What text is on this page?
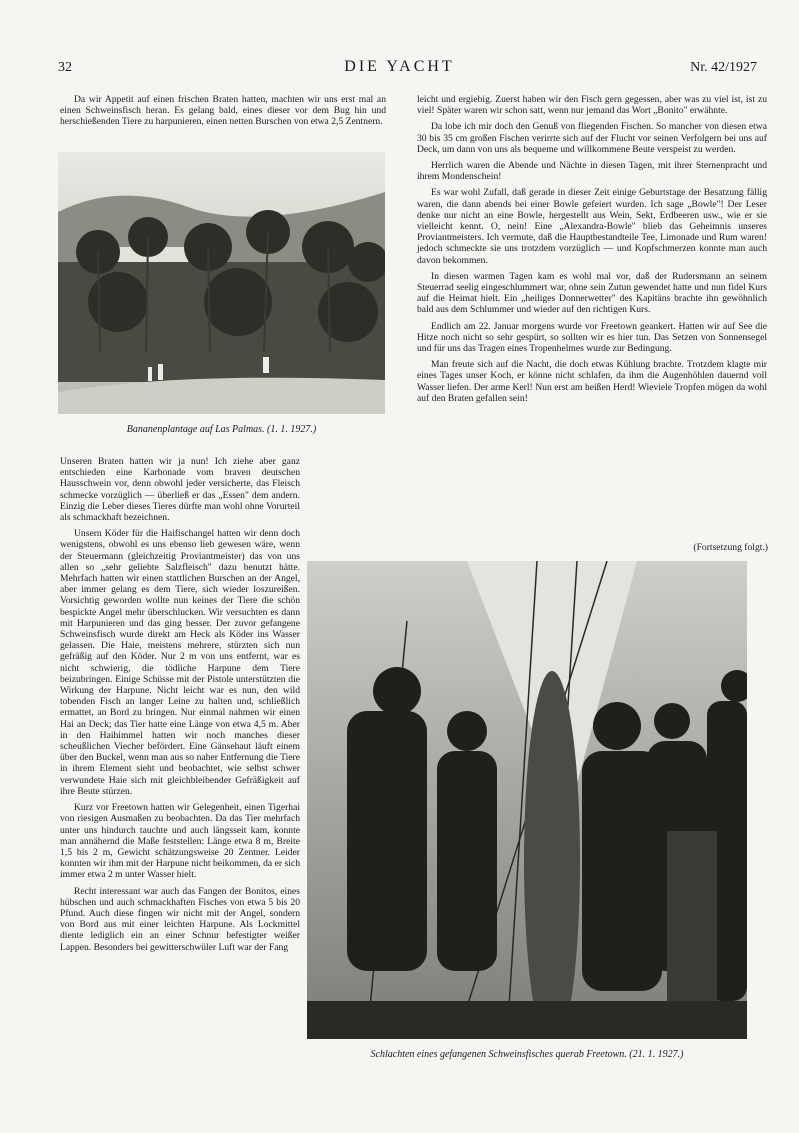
32	DIE YACHT	Nr. 42/1927

Da wir Appetit auf einen frischen Braten hatten, machten wir uns erst mal an einen Schweinsfisch heran. Es gelang bald, eines dieser vor dem Bug hin und herschießenden Tiere zu harpunieren, einen netten Burschen von etwa 2,5 Zentnern.

Bananenplantage auf Las Palmas. (1. 1. 1927.)

Unseren Braten hatten wir ja nun! Ich ziehe aber ganz entschieden eine Karbonade vom braven deutschen Hausschwein vor, denn obwohl jeder versicherte, das Fleisch schmecke vorzüglich — überließ er das „Essen" dem andern. Einzig die Leber dieses Tieres dürfte man wohl ohne Vorurteil als schmackhaft bezeichnen.

Unsern Köder für die Haifischangel hatten wir denn doch wenigstens, obwohl es uns ebenso lieb gewesen wäre, wenn der Steuermann (gleichzeitig Proviantmeister) das von uns allen so „sehr geliebte Salzfleisch" dazu benutzt hätte. Mehrfach hatten wir einen stattlichen Burschen an der Angel, aber immer gelang es dem Tiere, sich wieder loszureißen. Vorsichtig geworden wollte nun keines der Tiere die schön bespickte Angel mehr überschlucken. Wir versuchten es dann mit Harpunieren und das ging besser. Der zuvor gefangene Schweinsfisch wurde direkt am Heck als Köder ins Wasser gelassen. Die Haie, meistens mehrere, stürzten sich nun gefräßig auf den Köder. Nur 2 m von uns entfernt, war es nicht schwierig, die tödliche Harpune dem Tiere beizubringen. Einige Schüsse mit der Pistole unterstützten die Wirkung der Harpune. Nicht leicht war es nun, den wild tobenden Fisch an langer Leine zu halten und, schließlich ermattet, an Bord zu bringen. Nur einmal nahmen wir einen Hai an Deck; das Tier hatte eine Länge von etwa 4,5 m. Aber in den Haihimmel hatten wir noch manches dieser scheußlichen Viecher befördert. Eine Gänsehaut läuft einem über den Buckel, wenn man aus so naher Entfernung die Tiere in ihrem Element sieht und beobachtet, wie selbst schwer verwundete Haie sich mit gleichbleibender Gefräßigkeit auf ihre Beute stürzen.

Kurz vor Freetown hatten wir Gelegenheit, einen Tigerhai von riesigen Ausmaßen zu beobachten. Da das Tier mehrfach unter uns hindurch tauchte und auch längsseit kam, konnte man annähernd die Maße feststellen: Länge etwa 8 m, Breite 1,5 bis 2 m, Gewicht schätzungsweise 20 Zentner. Leider konnten wir ihm mit der Harpune nicht beikommen, da er sich immer etwa 2 m unter Wasser hielt.

Recht interessant war auch das Fangen der Bonitos, eines hübschen und auch schmackhaften Fisches von etwa 5 bis 20 Pfund. Auch diese fingen wir nicht mit der Angel, sondern von Bord aus mit einer leichten Harpune. Als Lockmittel diente lediglich ein an einer Schnur befestigter weißer Lappen. Besonders bei gewitterschwüler Luft war der Fang

leicht und ergiebig. Zuerst haben wir den Fisch gern gegessen, aber was zu viel ist, ist zu viel! Später waren wir schon satt, wenn nur jemand das Wort „Bonito" erwähnte.

Da lobe ich mir doch den Genuß von fliegenden Fischen. So mancher von diesen etwa 30 bis 35 cm großen Fischen verirrte sich auf der Flucht vor seinen Verfolgern bei uns auf Deck, um dann von uns als bequeme und willkommene Beute verspeist zu werden.

Herrlich waren die Abende und Nächte in diesen Tagen, mit ihrer Sternenpracht und ihrem Mondenschein!

Es war wohl Zufall, daß gerade in dieser Zeit einige Geburtstage der Besatzung fällig waren, die dann abends bei einer Bowle gefeiert wurden. Ich sage „Bowle"! Der Leser denke nur nicht an eine Bowle, hergestellt aus Wein, Sekt, Erdbeeren usw., wie er sie vielleicht kennt. O, nein! Eine „Alexandra-Bowle" blieb das Geheimnis unseres Proviantmeisters. Ich vermute, daß die Hauptbestandteile Tee, Limonade und Rum waren! jedoch schmeckte sie uns trotzdem vorzüglich — und Kopfschmerzen konnte man auch davon bekommen.

In diesen warmen Tagen kam es wohl mal vor, daß der Rudersmann an seinem Steuerrad seelig eingeschlummert war, ohne sein Zutun gewendet hatte und nun fidel Kurs auf die Heimat hielt. Ein „heiliges Donnerwetter" des Kapitäns brachte ihn gewöhnlich bald aus dem Schlummer und wieder auf den richtigen Kurs.

Endlich am 22. Januar morgens wurde vor Freetown geankert. Hatten wir auf See die Hitze noch nicht so sehr gespürt, so sollten wir es hier tun. Das Setzen von Sonnensegel und für uns das Tragen eines Tropenhelmes wurde zur Bedingung.

Man freute sich auf die Nacht, die doch etwas Kühlung brachte. Trotzdem klagte mir eines Tages unser Koch, er könne nicht schlafen, da ihm die Augenhöhlen dauernd voll Wasser liefen. Der arme Kerl! Nun erst am heißen Herd! Wieviele Tropfen mögen da wohl auf den Braten gefallen sein!

(Fortsetzung folgt.)
Schlachten eines gefangenen Schweinsfisches querab Freetown. (21. 1. 1927.)
